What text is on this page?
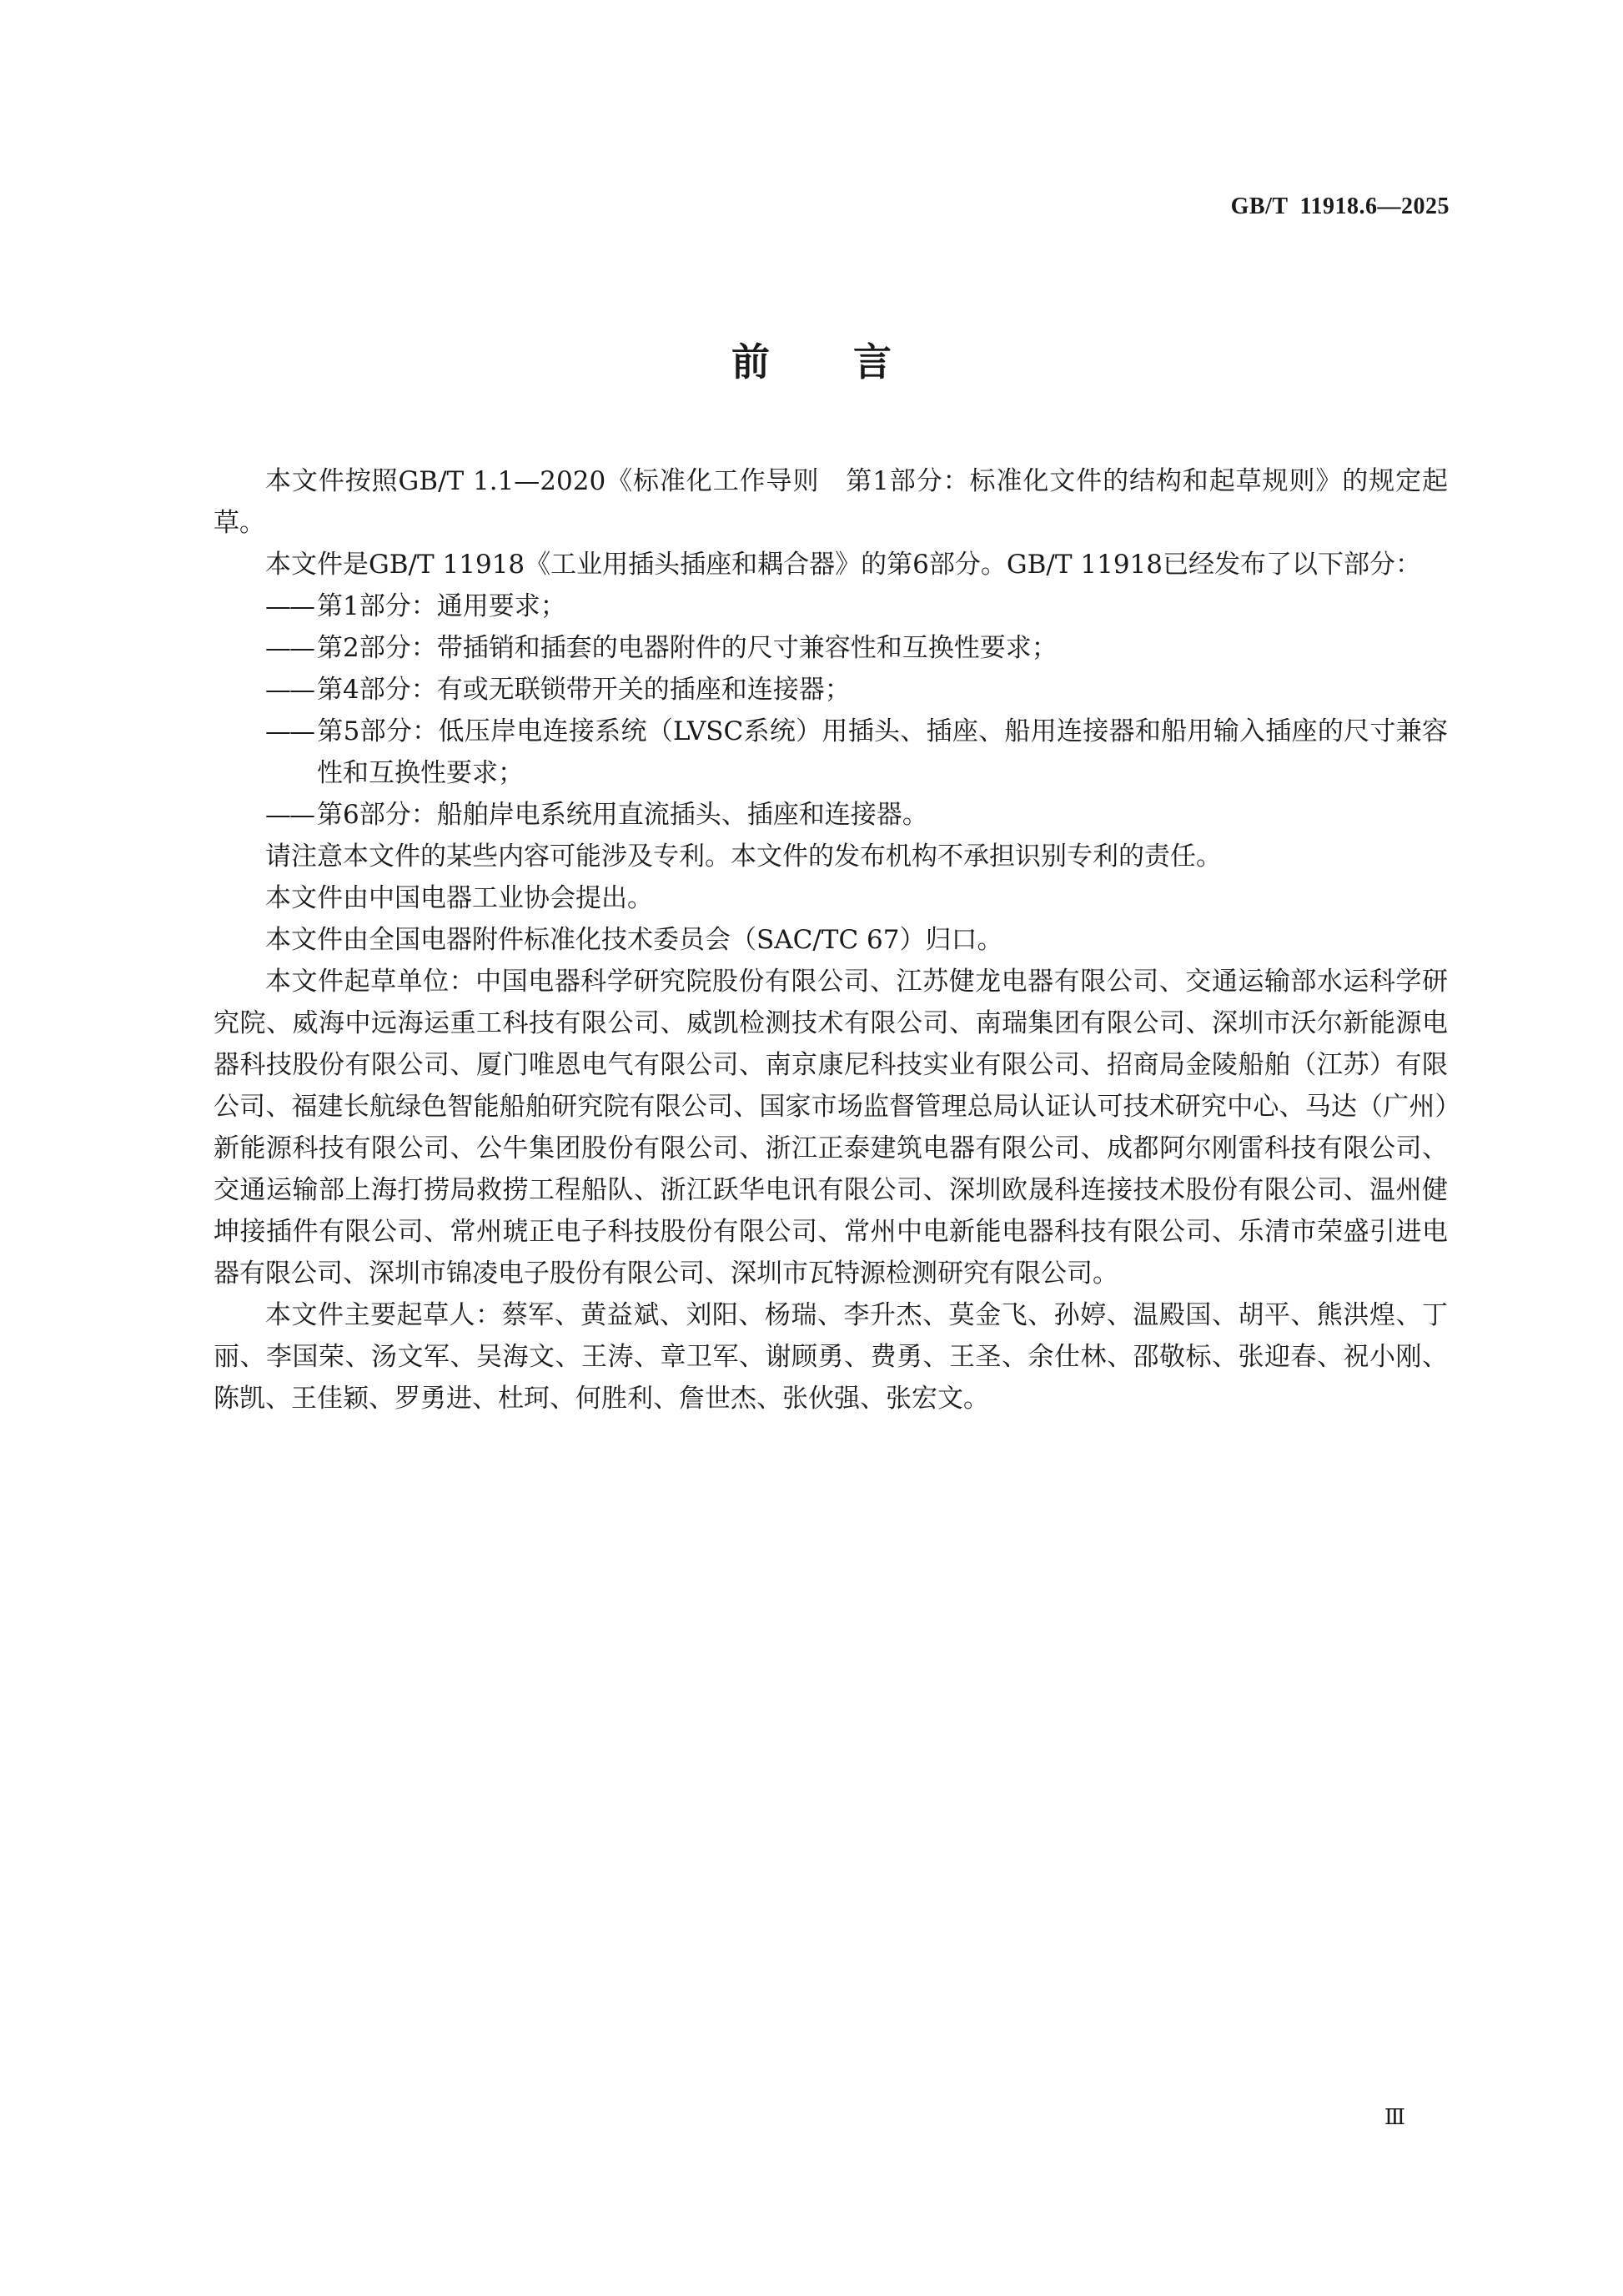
GB/T 11918.6—2025
前言

本文件按照GB/T 1.1—2020《标准化工作导则　第1部分：标准化文件的结构和起草规则》的规定起草。

本文件是GB/T 11918《工业用插头插座和耦合器》的第6部分。GB/T 11918已经发布了以下部分：

—— 第1部分：通用要求；
—— 第2部分：带插销和插套的电器附件的尺寸兼容性和互换性要求；
—— 第4部分：有或无联锁带开关的插座和连接器；
—— 第5部分：低压岸电连接系统（LVSC系统）用插头、插座、船用连接器和船用输入插座的尺寸兼容性和互换性要求；
—— 第6部分：船舶岸电系统用直流插头、插座和连接器。

请注意本文件的某些内容可能涉及专利。本文件的发布机构不承担识别专利的责任。

本文件由中国电器工业协会提出。

本文件由全国电器附件标准化技术委员会（SAC/TC 67）归口。

本文件起草单位：中国电器科学研究院股份有限公司、江苏健龙电器有限公司、交通运输部水运科学研究院、威海中远海运重工科技有限公司、威凯检测技术有限公司、南瑞集团有限公司、深圳市沃尔新能源电器科技股份有限公司、厦门唯恩电气有限公司、南京康尼科技实业有限公司、招商局金陵船舶（江苏）有限公司、福建长航绿色智能船舶研究院有限公司、国家市场监督管理总局认证认可技术研究中心、马达（广州）新能源科技有限公司、公牛集团股份有限公司、浙江正泰建筑电器有限公司、成都阿尔刚雷科技有限公司、交通运输部上海打捞局救捞工程船队、浙江跃华电讯有限公司、深圳欧晟科连接技术股份有限公司、温州健坤接插件有限公司、常州琥正电子科技股份有限公司、常州中电新能电器科技有限公司、乐清市荣盛引进电器有限公司、深圳市锦凌电子股份有限公司、深圳市瓦特源检测研究有限公司。

本文件主要起草人：蔡军、黄益斌、刘阳、杨瑞、李升杰、莫金飞、孙婷、温殿国、胡平、熊洪煌、丁丽、李国荣、汤文军、吴海文、王涛、章卫军、谢顾勇、费勇、王圣、余仕林、邵敬标、张迎春、祝小刚、陈凯、王佳颖、罗勇进、杜珂、何胜利、詹世杰、张伙强、张宏文。

Ⅲ
